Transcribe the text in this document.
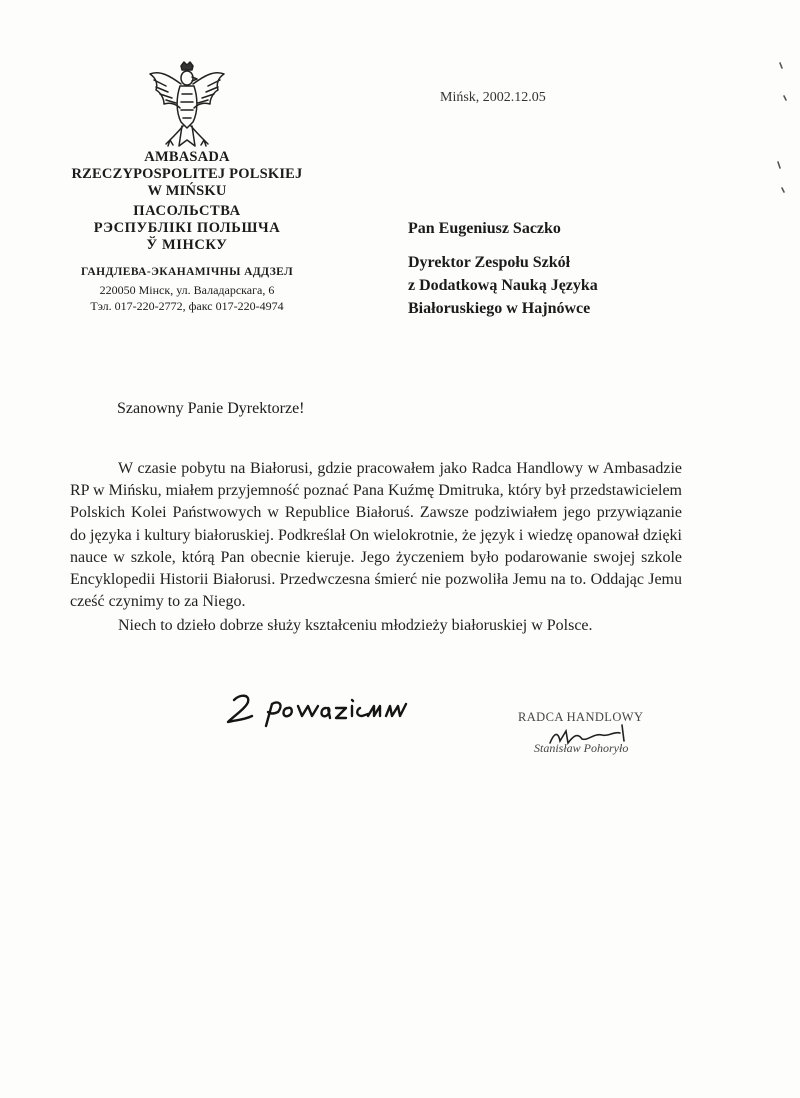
AMBASADA
RZECZYPOSPOLITEJ POLSKIEJ
W MIŃSKU
ПАСОЛЬСТВА
РЭСПУБЛІКІ ПОЛЬШЧА
Ў МІНСКУ
ГАНДЛЕВА-ЭКАНАМІЧНЫ АДДЗЕЛ
220050 Мінск, ул. Валадарскага, 6
Тэл. 017-220-2772, факс 017-220-4974
Mińsk, 2002.12.05
Pan Eugeniusz Saczko
Dyrektor Zespołu Szkół
z Dodatkową Nauką Języka
Białoruskiego w Hajnówce
Szanowny Panie Dyrektorze!

W czasie pobytu na Białorusi, gdzie pracowałem jako Radca Handlowy w Ambasadzie RP w Mińsku, miałem przyjemność poznać Pana Kuźmę Dmitruka, który był przedstawicielem Polskich Kolei Państwowych w Republice Białoruś. Zawsze podziwiałem jego przywiązanie do języka i kultury białoruskiej. Podkreślał On wielokrotnie, że język i wiedzę opanował dzięki nauce w szkole, którą Pan obecnie kieruje. Jego życzeniem było podarowanie swojej szkole Encyklopedii Historii Białorusi. Przedwczesna śmierć nie pozwoliła Jemu na to. Oddając Jemu cześć czynimy to za Niego.

Niech to dzieło dobrze służy kształceniu młodzieży białoruskiej w Polsce.

RADCA HANDLOWY
Stanisław Pohoryło
